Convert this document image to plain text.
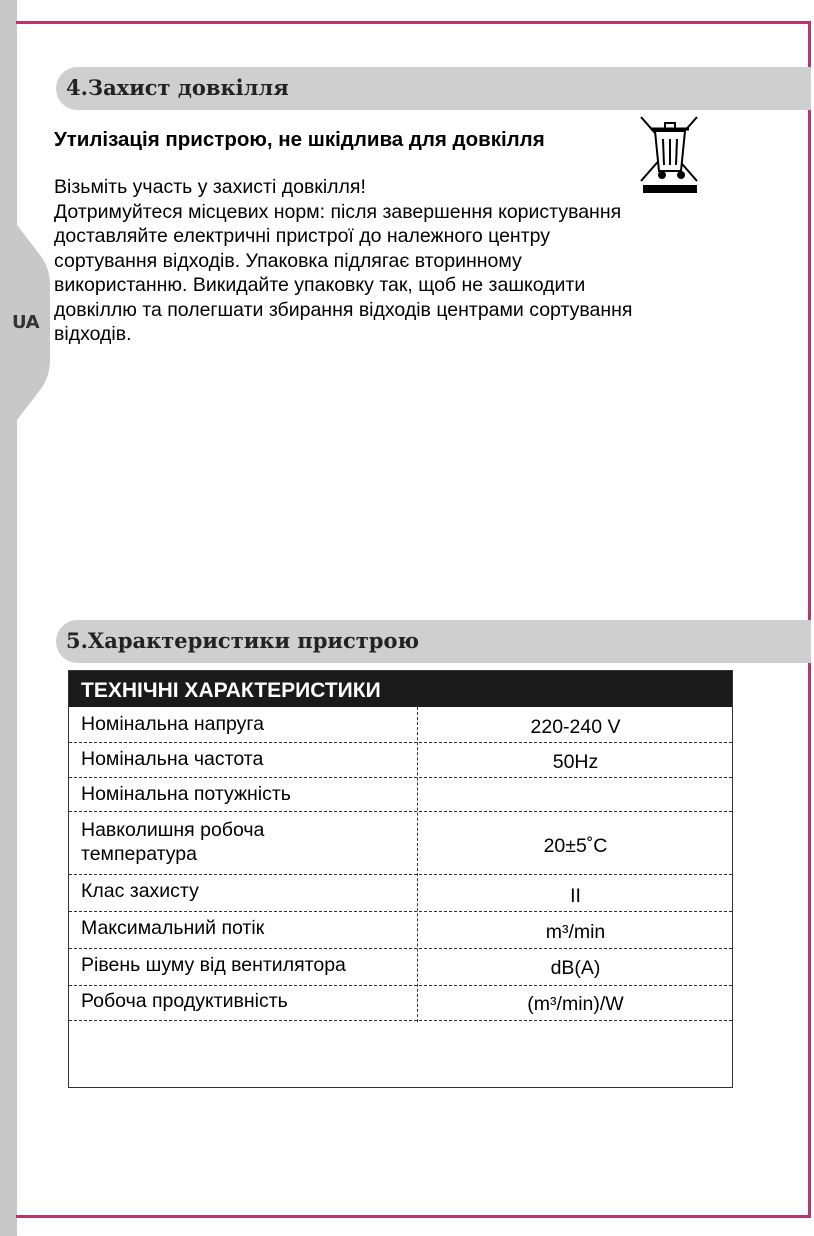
UA
4.Захист довкілля
Утилізація пристрою, не шкідлива для довкілля

Візьміть участь у захисті довкілля!

Дотримуйтеся місцевих норм: після завершення користування

доставляйте електричні пристрої до належного центру

сортування відходів. Упаковка підлягає вторинному

використанню. Викидайте упаковку так, щоб не зашкодити

довкіллю та полегшати збирання відходів центрами сортування

відходів.

5.Характеристики пристрою
ТЕХНІЧНІ ХАРАКТЕРИСТИКИ
Номінальна напруга	220-240 V
Номінальна частота	50Hz
Номінальна потужність
Навколишня робоча
температура	20±5˚C
Клас захисту	II
Максимальний потік	m³/min
Рівень шуму від вентилятора	dB(A)
Робоча продуктивність	(m³/min)/W
